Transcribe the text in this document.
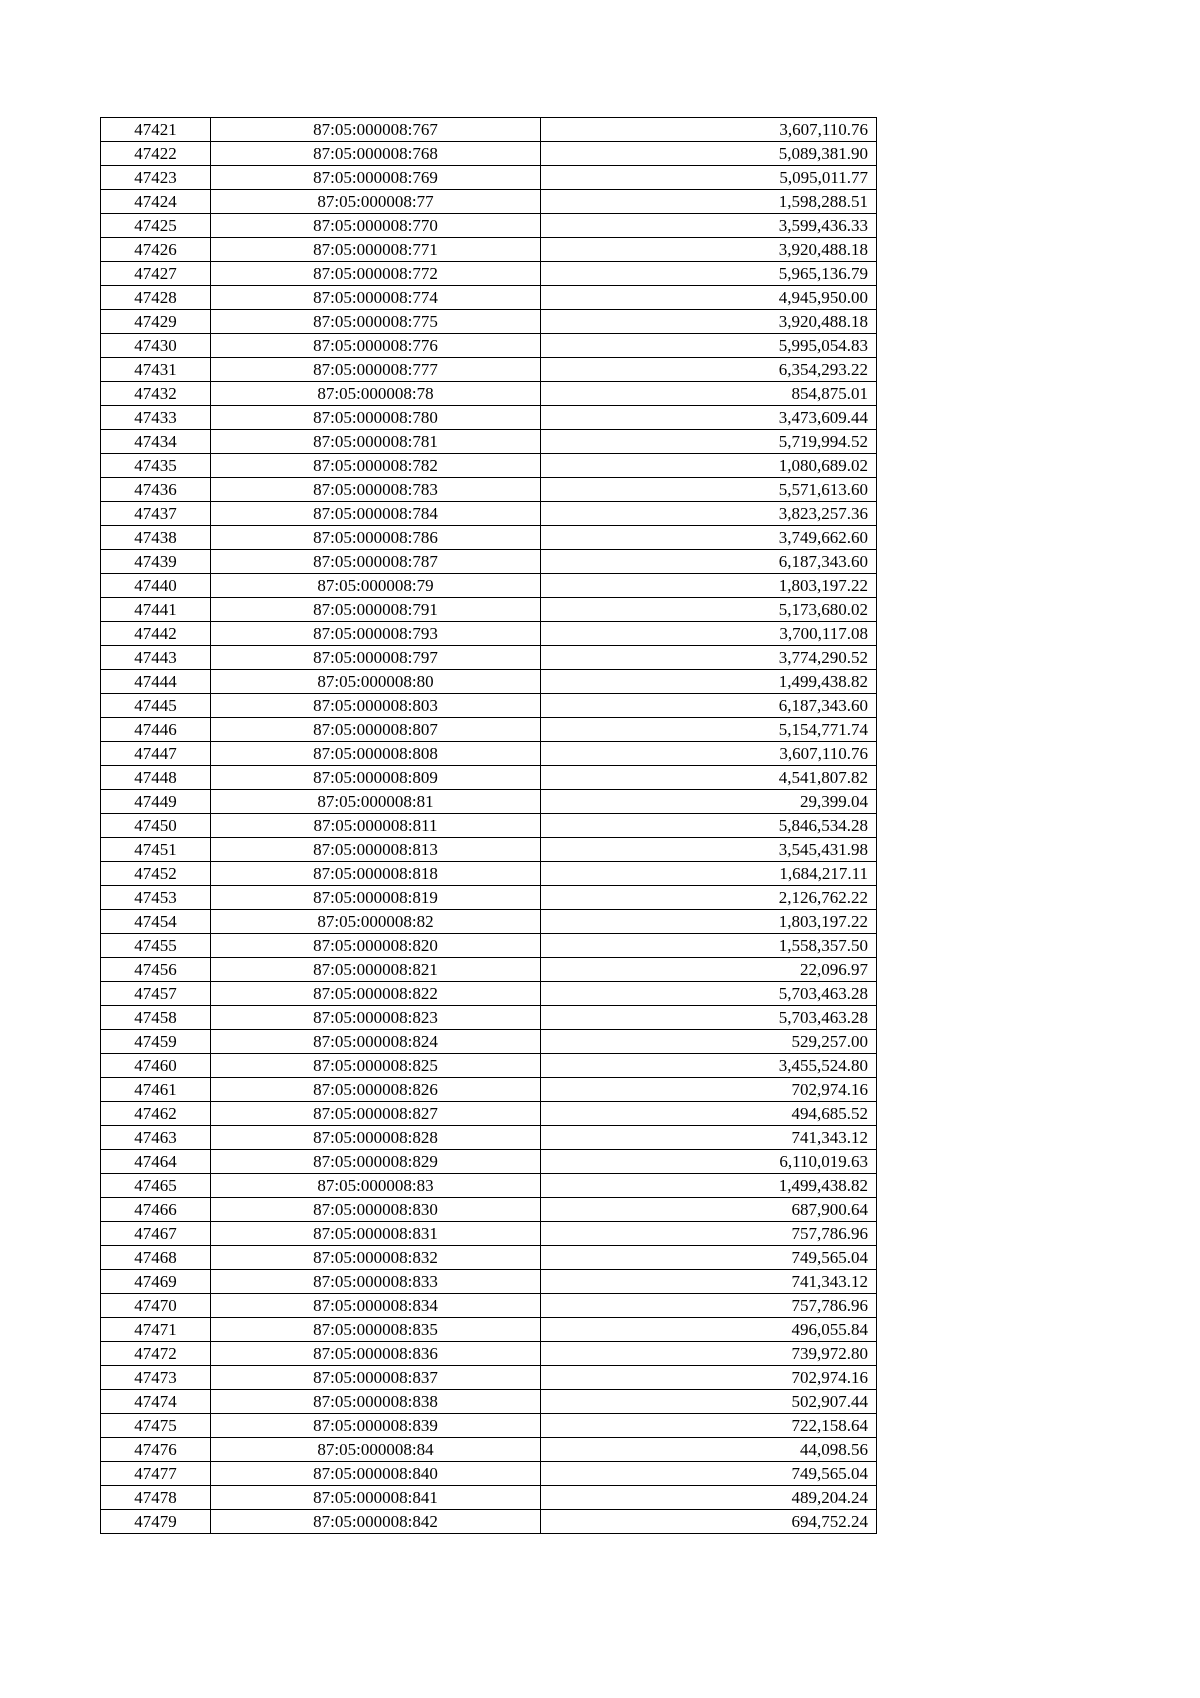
47421	87:05:000008:767	3,607,110.76
47422	87:05:000008:768	5,089,381.90
47423	87:05:000008:769	5,095,011.77
47424	87:05:000008:77	1,598,288.51
47425	87:05:000008:770	3,599,436.33
47426	87:05:000008:771	3,920,488.18
47427	87:05:000008:772	5,965,136.79
47428	87:05:000008:774	4,945,950.00
47429	87:05:000008:775	3,920,488.18
47430	87:05:000008:776	5,995,054.83
47431	87:05:000008:777	6,354,293.22
47432	87:05:000008:78	854,875.01
47433	87:05:000008:780	3,473,609.44
47434	87:05:000008:781	5,719,994.52
47435	87:05:000008:782	1,080,689.02
47436	87:05:000008:783	5,571,613.60
47437	87:05:000008:784	3,823,257.36
47438	87:05:000008:786	3,749,662.60
47439	87:05:000008:787	6,187,343.60
47440	87:05:000008:79	1,803,197.22
47441	87:05:000008:791	5,173,680.02
47442	87:05:000008:793	3,700,117.08
47443	87:05:000008:797	3,774,290.52
47444	87:05:000008:80	1,499,438.82
47445	87:05:000008:803	6,187,343.60
47446	87:05:000008:807	5,154,771.74
47447	87:05:000008:808	3,607,110.76
47448	87:05:000008:809	4,541,807.82
47449	87:05:000008:81	29,399.04
47450	87:05:000008:811	5,846,534.28
47451	87:05:000008:813	3,545,431.98
47452	87:05:000008:818	1,684,217.11
47453	87:05:000008:819	2,126,762.22
47454	87:05:000008:82	1,803,197.22
47455	87:05:000008:820	1,558,357.50
47456	87:05:000008:821	22,096.97
47457	87:05:000008:822	5,703,463.28
47458	87:05:000008:823	5,703,463.28
47459	87:05:000008:824	529,257.00
47460	87:05:000008:825	3,455,524.80
47461	87:05:000008:826	702,974.16
47462	87:05:000008:827	494,685.52
47463	87:05:000008:828	741,343.12
47464	87:05:000008:829	6,110,019.63
47465	87:05:000008:83	1,499,438.82
47466	87:05:000008:830	687,900.64
47467	87:05:000008:831	757,786.96
47468	87:05:000008:832	749,565.04
47469	87:05:000008:833	741,343.12
47470	87:05:000008:834	757,786.96
47471	87:05:000008:835	496,055.84
47472	87:05:000008:836	739,972.80
47473	87:05:000008:837	702,974.16
47474	87:05:000008:838	502,907.44
47475	87:05:000008:839	722,158.64
47476	87:05:000008:84	44,098.56
47477	87:05:000008:840	749,565.04
47478	87:05:000008:841	489,204.24
47479	87:05:000008:842	694,752.24
